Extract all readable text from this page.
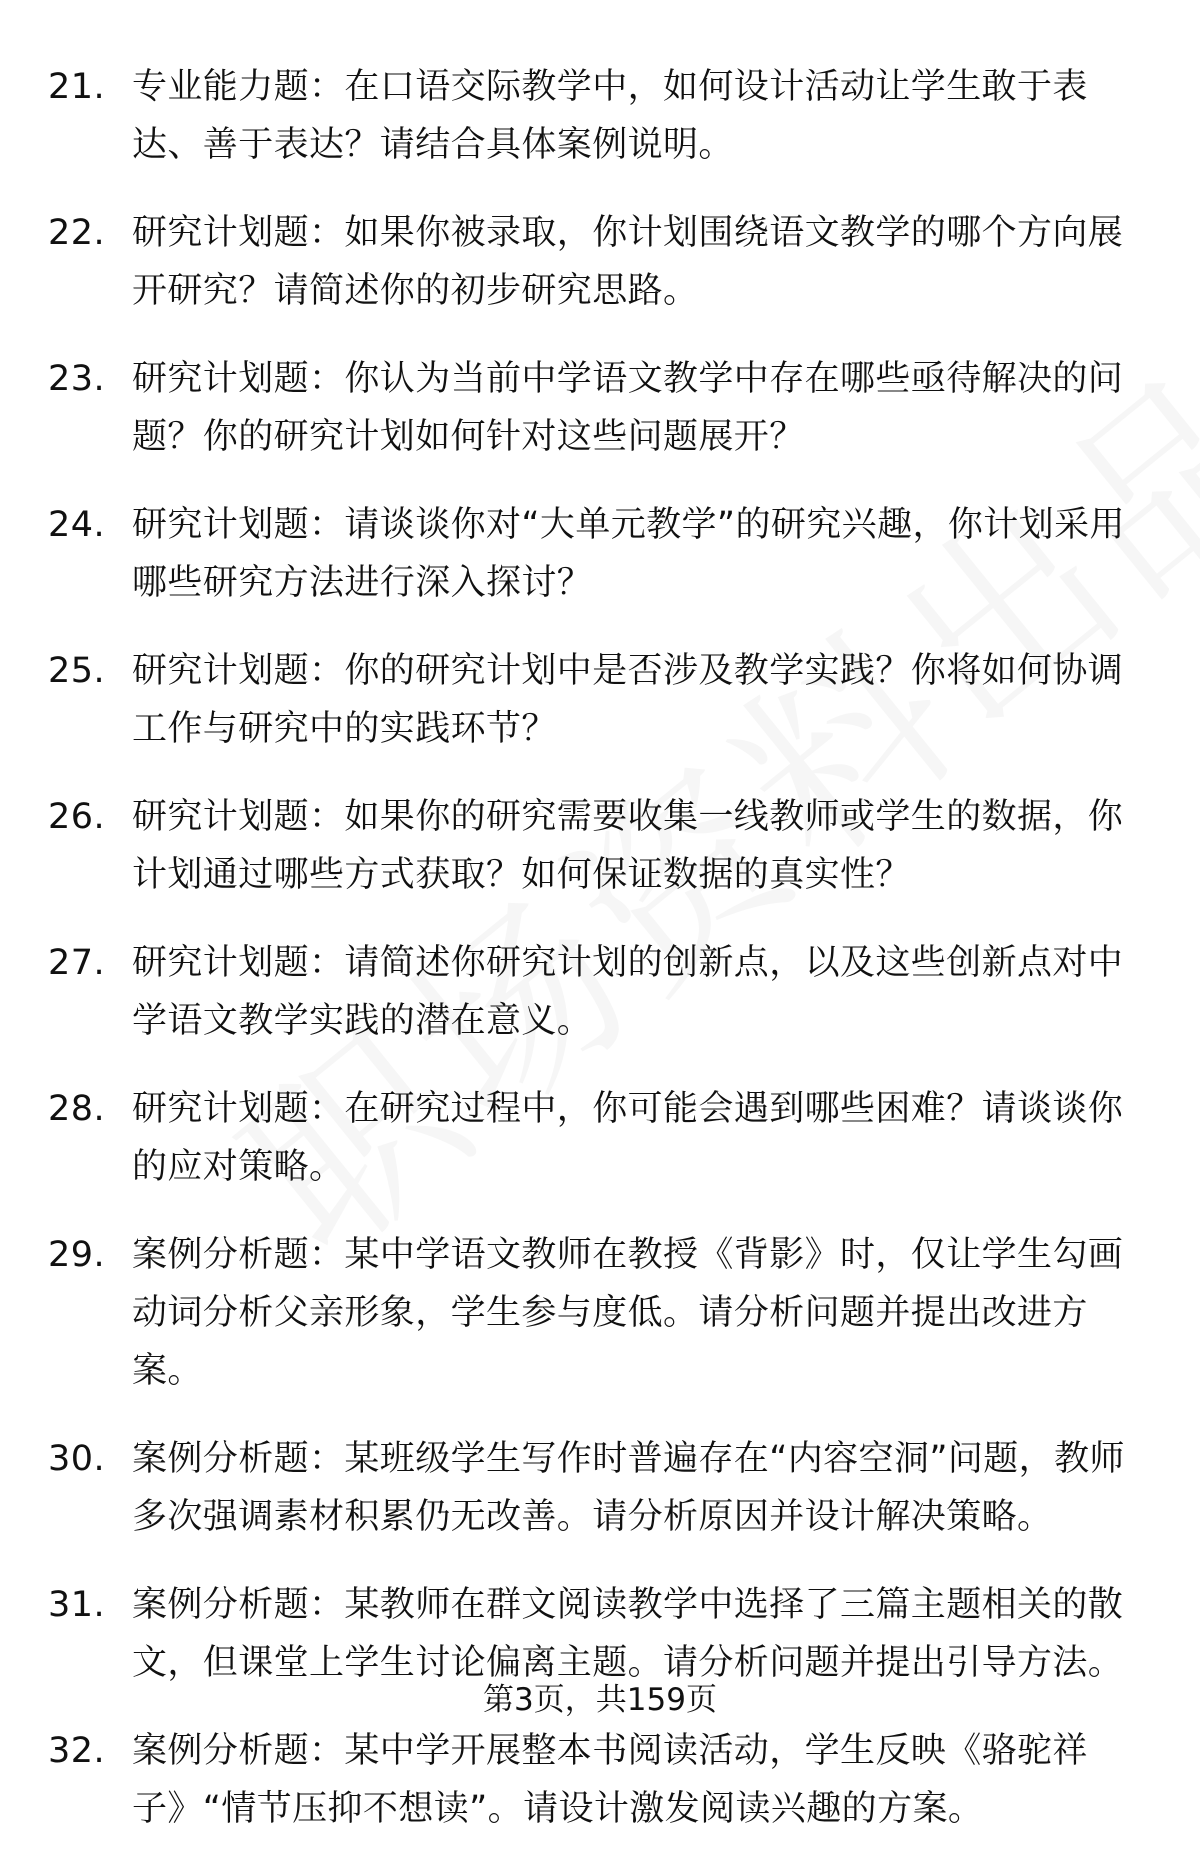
21. 专业能力题：在口语交际教学中，如何设计活动让学生敢于表达、善于表达？请结合具体案例说明。
22. 研究计划题：如果你被录取，你计划围绕语文教学的哪个方向展开研究？请简述你的初步研究思路。
23. 研究计划题：你认为当前中学语文教学中存在哪些亟待解决的问题？你的研究计划如何针对这些问题展开？
24. 研究计划题：请谈谈你对“大单元教学”的研究兴趣，你计划采用哪些研究方法进行深入探讨？
25. 研究计划题：你的研究计划中是否涉及教学实践？你将如何协调工作与研究中的实践环节？
26. 研究计划题：如果你的研究需要收集一线教师或学生的数据，你计划通过哪些方式获取？如何保证数据的真实性？
27. 研究计划题：请简述你研究计划的创新点，以及这些创新点对中学语文教学实践的潜在意义。
28. 研究计划题：在研究过程中，你可能会遇到哪些困难？请谈谈你的应对策略。
29. 案例分析题：某中学语文教师在教授《背影》时，仅让学生勾画动词分析父亲形象，学生参与度低。请分析问题并提出改进方案。
30. 案例分析题：某班级学生写作时普遍存在“内容空洞”问题，教师多次强调素材积累仍无改善。请分析原因并设计解决策略。
31. 案例分析题：某教师在群文阅读教学中选择了三篇主题相关的散文，但课堂上学生讨论偏离主题。请分析问题并提出引导方法。
32. 案例分析题：某中学开展整本书阅读活动，学生反映《骆驼祥子》“情节压抑不想读”。请设计激发阅读兴趣的方案。
第3页，共159页
